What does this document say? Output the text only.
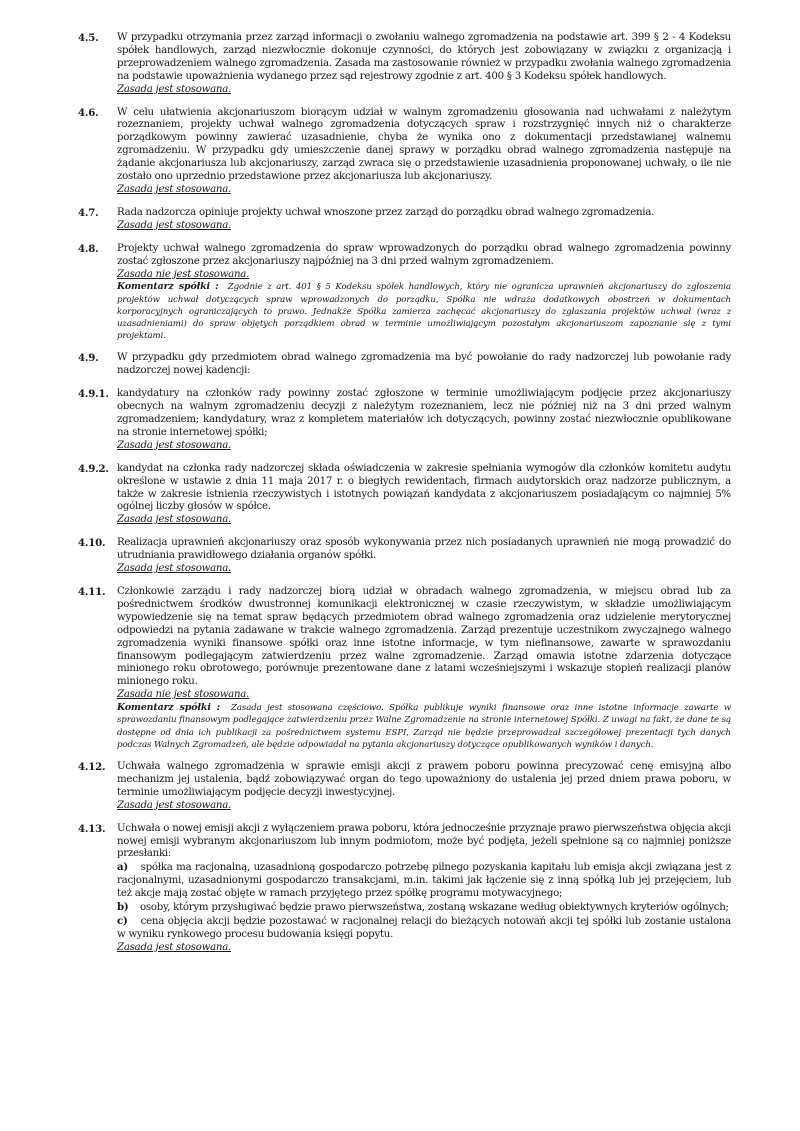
4.5.	W przypadku otrzymania przez zarząd informacji o zwołaniu walnego zgromadzenia na podstawie art. 399 § 2 - 4 Kodeksu spółek handlowych, zarząd niezwłocznie dokonuje czynności, do których jest zobowiązany w związku z organizacją i przeprowadzeniem walnego zgromadzenia. Zasada ma zastosowanie również w przypadku zwołania walnego zgromadzenia na podstawie upoważnienia wydanego przez sąd rejestrowy zgodnie z art. 400 § 3 Kodeksu spółek handlowych.

Zasada jest stosowana.
4.6.	W celu ułatwienia akcjonariuszom biorącym udział w walnym zgromadzeniu głosowania nad uchwałami z należytym rozeznaniem, projekty uchwał walnego zgromadzenia dotyczących spraw i rozstrzygnięć innych niż o charakterze porządkowym powinny zawierać uzasadnienie, chyba że wynika ono z dokumentacji przedstawianej walnemu zgromadzeniu. W przypadku gdy umieszczenie danej sprawy w porządku obrad walnego zgromadzenia następuje na żądanie akcjonariusza lub akcjonariuszy, zarząd zwraca się o przedstawienie uzasadnienia proponowanej uchwały, o ile nie zostało ono uprzednio przedstawione przez akcjonariusza lub akcjonariuszy.

Zasada jest stosowana.
4.7.	Rada nadzorcza opiniuje projekty uchwał wnoszone przez zarząd do porządku obrad walnego zgromadzenia.

Zasada jest stosowana.
4.8.	Projekty uchwał walnego zgromadzenia do spraw wprowadzonych do porządku obrad walnego zgromadzenia powinny zostać zgłoszone przez akcjonariuszy najpóźniej na 3 dni przed walnym zgromadzeniem.

Zasada nie jest stosowana.
Komentarz spółki : Zgodnie z art. 401 § 5 Kodeksu spółek handlowych, który nie ogranicza uprawnień akcjonariuszy do zgłoszenia projektów uchwał dotyczących spraw wprowadzonych do porządku, Spółka nie wdraża dodatkowych obostrzeń w dokumentach korporacyjnych ograniczających to prawo. Jednakże Spółka zamierza zachęcać akcjonariuszy do zgłaszania projektów uchwał (wraz z uzasadnieniami) do spraw objętych porządkiem obrad w terminie umożliwiającym pozostałym akcjonariuszom zapoznanie się z tymi projektami.
4.9.	W przypadku gdy przedmiotem obrad walnego zgromadzenia ma być powołanie do rady nadzorczej lub powołanie rady nadzorczej nowej kadencji:

4.9.1. kandydatury na członków rady powinny zostać zgłoszone w terminie umożliwiającym podjęcie przez akcjonariuszy obecnych na walnym zgromadzeniu decyzji z należytym rozeznaniem, lecz nie później niż na 3 dni przed walnym zgromadzeniem; kandydatury, wraz z kompletem materiałów ich dotyczących, powinny zostać niezwłocznie opublikowane na stronie internetowej spółki;

Zasada jest stosowana.
4.9.2. kandydat na członka rady nadzorczej składa oświadczenia w zakresie spełniania wymogów dla członków komitetu audytu określone w ustawie z dnia 11 maja 2017 r. o biegłych rewidentach, firmach audytorskich oraz nadzorze publicznym, a także w zakresie istnienia rzeczywistych i istotnych powiązań kandydata z akcjonariuszem posiadającym co najmniej 5% ogólnej liczby głosów w spółce.

Zasada jest stosowana.
4.10.	Realizacja uprawnień akcjonariuszy oraz sposób wykonywania przez nich posiadanych uprawnień nie mogą prowadzić do utrudniania prawidłowego działania organów spółki.

Zasada jest stosowana.
4.11.	Członkowie zarządu i rady nadzorczej biorą udział w obradach walnego zgromadzenia, w miejscu obrad lub za pośrednictwem środków dwustronnej komunikacji elektronicznej w czasie rzeczywistym, w składzie umożliwiającym wypowiedzenie się na temat spraw będących przedmiotem obrad walnego zgromadzenia oraz udzielenie merytorycznej odpowiedzi na pytania zadawane w trakcie walnego zgromadzenia. Zarząd prezentuje uczestnikom zwyczajnego walnego zgromadzenia wyniki finansowe spółki oraz inne istotne informacje, w tym niefinansowe, zawarte w sprawozdaniu finansowym podlegającym zatwierdzeniu przez walne zgromadzenie. Zarząd omawia istotne zdarzenia dotyczące minionego roku obrotowego, porównuje prezentowane dane z latami wcześniejszymi i wskazuje stopień realizacji planów minionego roku.

Zasada nie jest stosowana.
Komentarz spółki : Zasada jest stosowana częściowo. Spółka publikuje wyniki finansowe oraz inne istotne informacje zawarte w sprawozdaniu finansowym podlegające zatwierdzeniu przez Walne Zgromadzenie na stronie internetowej Spółki. Z uwagi na fakt, że dane te są dostępne od dnia ich publikacji za pośrednictwem systemu ESPI, Zarząd nie będzie przeprowadzał szczegółowej prezentacji tych danych podczas Walnych Zgromadzeń, ale będzie odpowiadał na pytania akcjonariuszy dotyczące opublikowanych wyników i danych.
4.12.	Uchwała walnego zgromadzenia w sprawie emisji akcji z prawem poboru powinna precyzować cenę emisyjną albo mechanizm jej ustalenia, bądź zobowiązywać organ do tego upoważniony do ustalenia jej przed dniem prawa poboru, w terminie umożliwiającym podjęcie decyzji inwestycyjnej.

Zasada jest stosowana.
4.13.	Uchwała o nowej emisji akcji z wyłączeniem prawa poboru, która jednocześnie przyznaje prawo pierwszeństwa objęcia akcji nowej emisji wybranym akcjonariuszom lub innym podmiotom, może być podjęta, jeżeli spełnione są co najmniej poniższe przesłanki:

a) spółka ma racjonalną, uzasadnioną gospodarczo potrzebę pilnego pozyskania kapitału lub emisja akcji związana jest z racjonalnymi, uzasadnionymi gospodarczo transakcjami, m.in. takimi jak łączenie się z inną spółką lub jej przejęciem, lub też akcje mają zostać objęte w ramach przyjętego przez spółkę programu motywacyjnego;

b) osoby, którym przysługiwać będzie prawo pierwszeństwa, zostaną wskazane według obiektywnych kryteriów ogólnych;

c) cena objęcia akcji będzie pozostawać w racjonalnej relacji do bieżących notowań akcji tej spółki lub zostanie ustalona w wyniku rynkowego procesu budowania księgi popytu.

Zasada jest stosowana.
